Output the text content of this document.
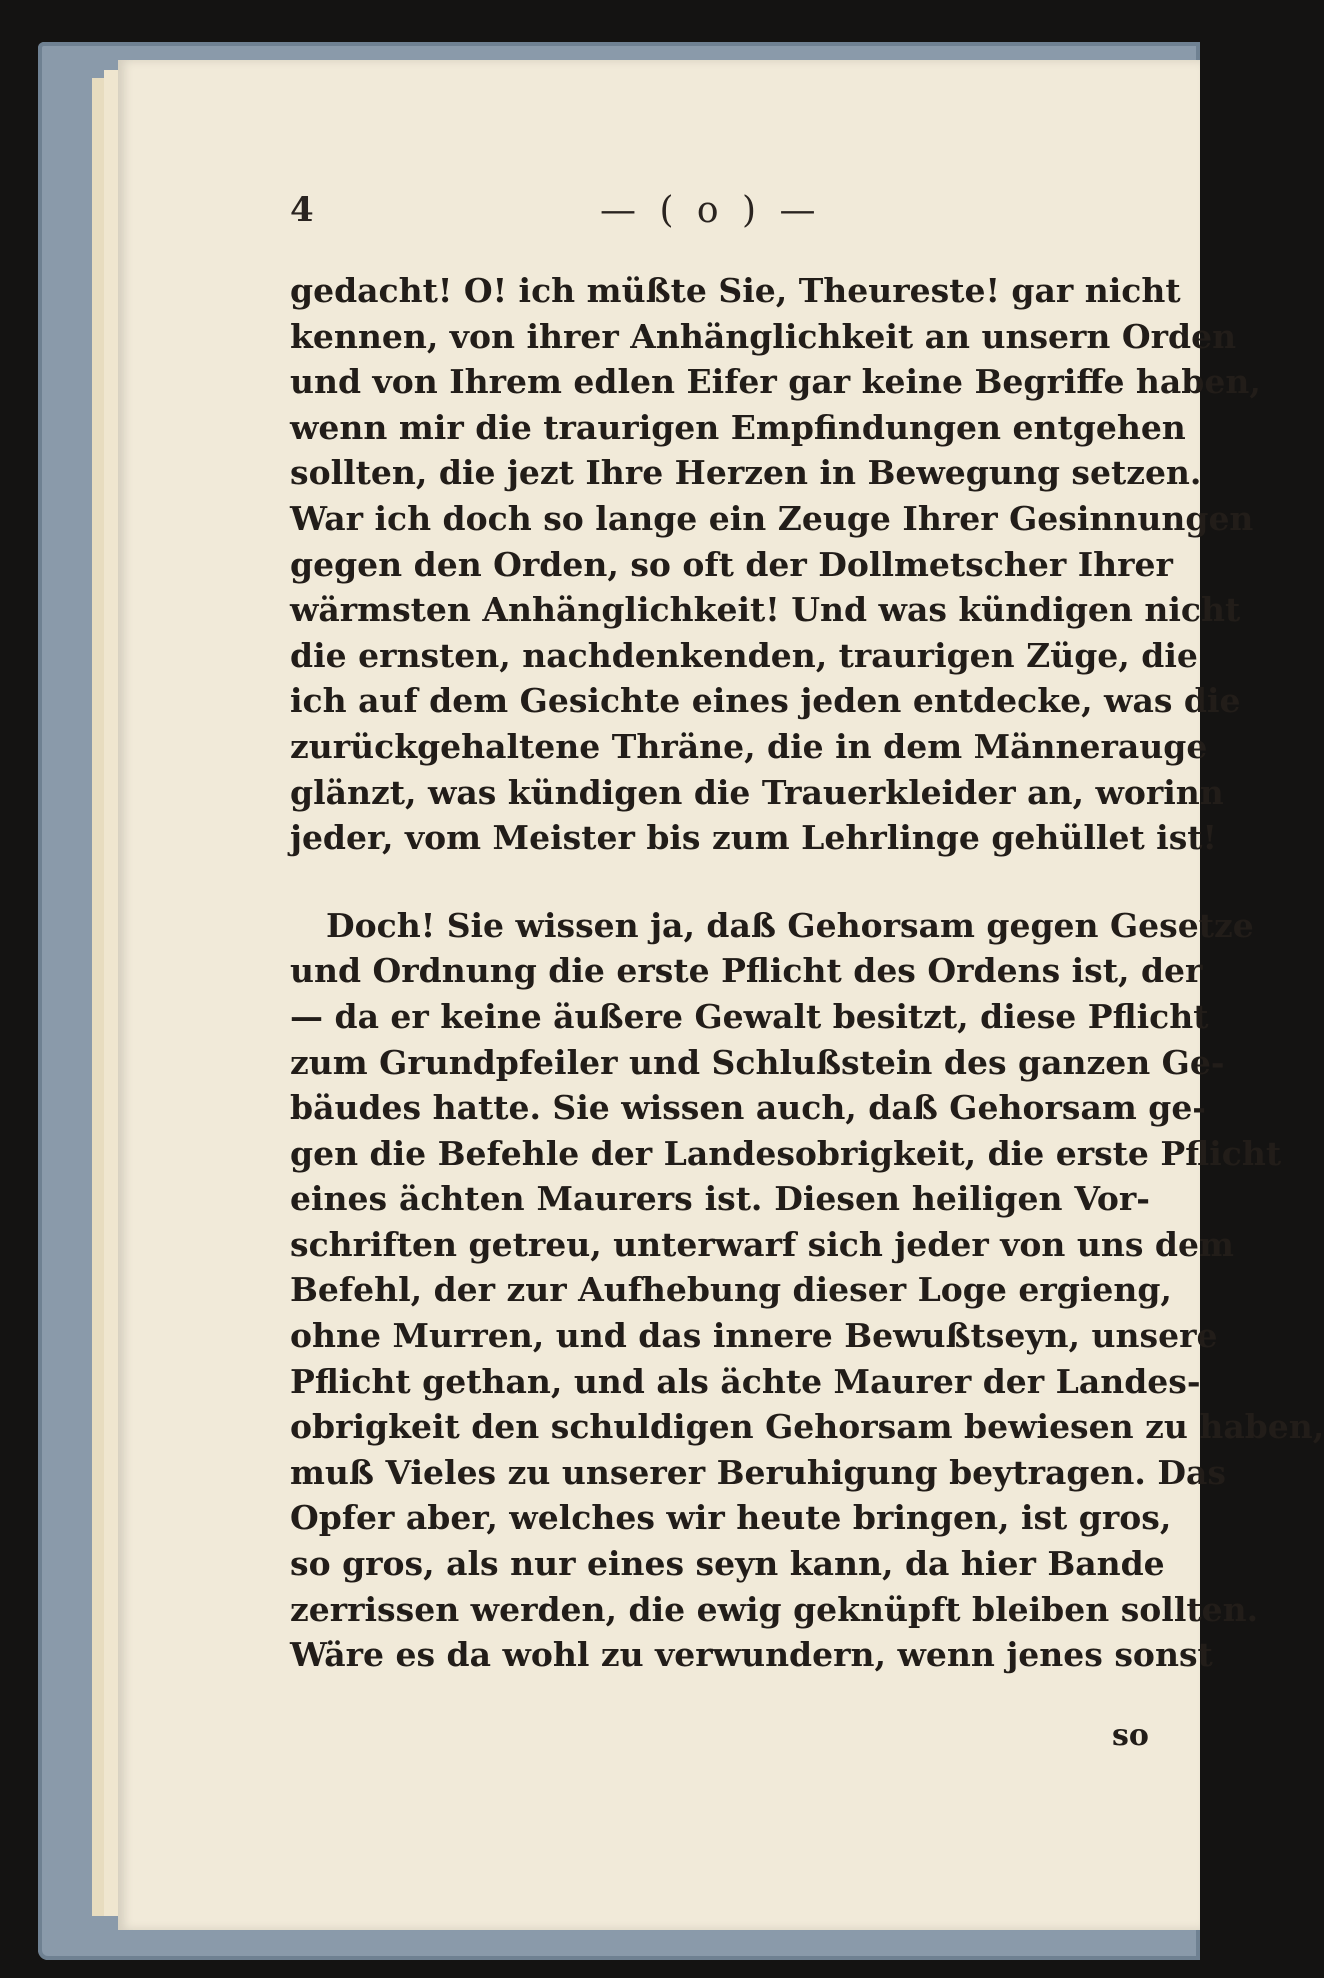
4	— ( o ) —
gedacht! O! ich müßte Sie, Theureste! gar nicht
kennen, von ihrer Anhänglichkeit an unsern Orden
und von Ihrem edlen Eifer gar keine Begriffe haben,
wenn mir die traurigen Empfindungen entgehen
sollten, die jezt Ihre Herzen in Bewegung setzen.
War ich doch so lange ein Zeuge Ihrer Gesinnungen
gegen den Orden, so oft der Dollmetscher Ihrer
wärmsten Anhänglichkeit! Und was kündigen nicht
die ernsten, nachdenkenden, traurigen Züge, die
ich auf dem Gesichte eines jeden entdecke, was die
zurückgehaltene Thräne, die in dem Männerauge
glänzt, was kündigen die Trauerkleider an, worinn
jeder, vom Meister bis zum Lehrlinge gehüllet ist!
Doch! Sie wissen ja, daß Gehorsam gegen Gesetze
und Ordnung die erste Pflicht des Ordens ist, der
— da er keine äußere Gewalt besitzt, diese Pflicht
zum Grundpfeiler und Schlußstein des ganzen Ge-
bäudes hatte. Sie wissen auch, daß Gehorsam ge-
gen die Befehle der Landesobrigkeit, die erste Pflicht
eines ächten Maurers ist. Diesen heiligen Vor-
schriften getreu, unterwarf sich jeder von uns dem
Befehl, der zur Aufhebung dieser Loge ergieng,
ohne Murren, und das innere Bewußtseyn, unsere
Pflicht gethan, und als ächte Maurer der Landes-
obrigkeit den schuldigen Gehorsam bewiesen zu haben,
muß Vieles zu unserer Beruhigung beytragen. Das
Opfer aber, welches wir heute bringen, ist gros,
so gros, als nur eines seyn kann, da hier Bande
zerrissen werden, die ewig geknüpft bleiben sollten.
Wäre es da wohl zu verwundern, wenn jenes sonst
so
